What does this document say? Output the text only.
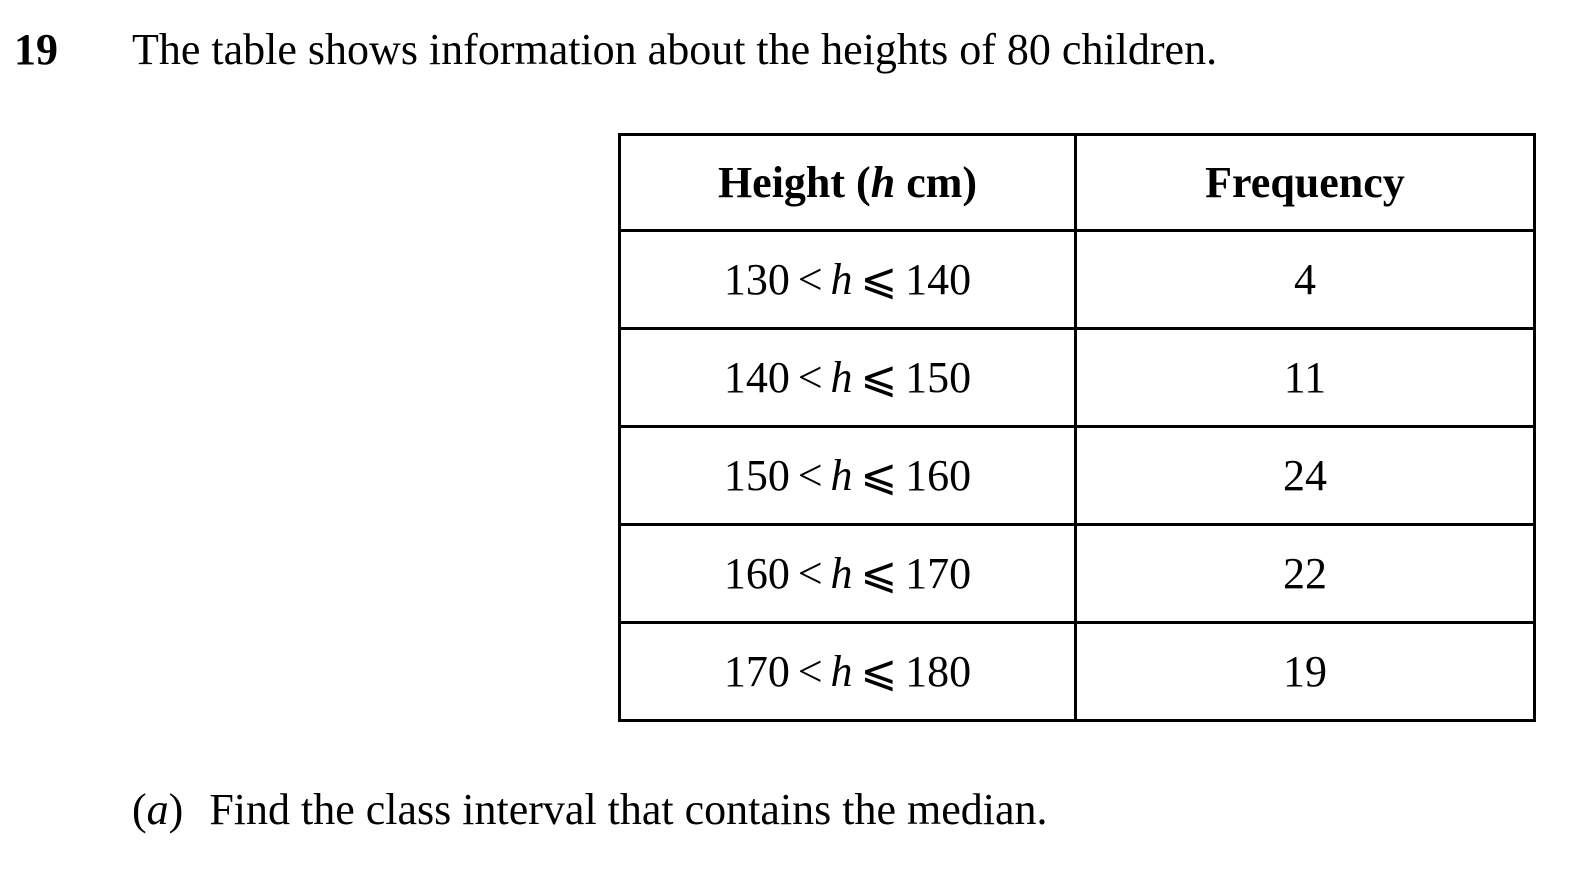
19 The table shows information about the heights of 80 children.
Height (h cm)	Frequency
130 < h ⩽ 140	4
140 < h ⩽ 150	11
150 < h ⩽ 160	24
160 < h ⩽ 170	22
170 < h ⩽ 180	19
(a) Find the class interval that contains the median.
